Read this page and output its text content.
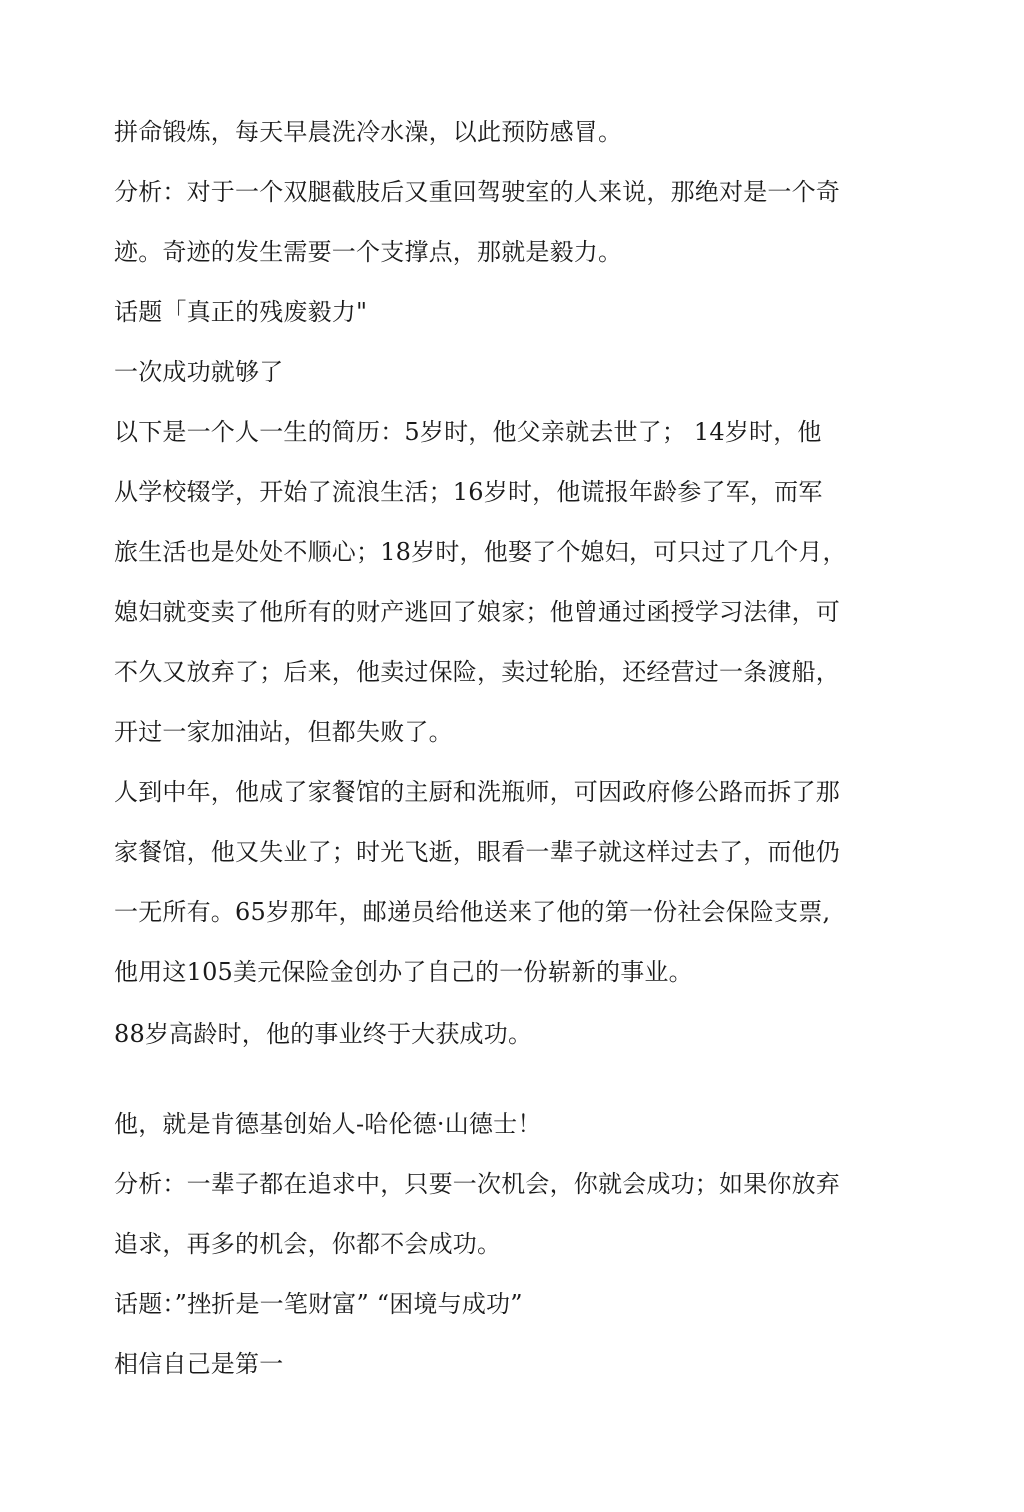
拼命锻炼，每天早晨洗冷水澡，以此预防感冒。
分析：对于一个双腿截肢后又重回驾驶室的人来说，那绝对是一个奇
迹。奇迹的发生需要一个支撑点，那就是毅力。
话题「真正的残废毅力"
一次成功就够了
以下是一个人一生的简历：5岁时，他父亲就去世了； 14岁时，他
从学校辍学，开始了流浪生活；16岁时，他谎报年龄参了军，而军
旅生活也是处处不顺心；18岁时，他娶了个媳妇，可只过了几个月，
媳妇就变卖了他所有的财产逃回了娘家；他曾通过函授学习法律，可
不久又放弃了；后来，他卖过保险，卖过轮胎，还经营过一条渡船，
开过一家加油站，但都失败了。
人到中年，他成了家餐馆的主厨和洗瓶师，可因政府修公路而拆了那
家餐馆，他又失业了；时光飞逝，眼看一辈子就这样过去了，而他仍
一无所有。65岁那年，邮递员给他送来了他的第一份社会保险支票,
他用这105美元保险金创办了自己的一份崭新的事业。
88岁高龄时，他的事业终于大获成功。
他，就是肯德基创始人-哈伦德·山德士！
分析：一辈子都在追求中，只要一次机会，你就会成功；如果你放弃
追求，再多的机会，你都不会成功。
话题：”挫折是一笔财富” “困境与成功”
相信自己是第一
